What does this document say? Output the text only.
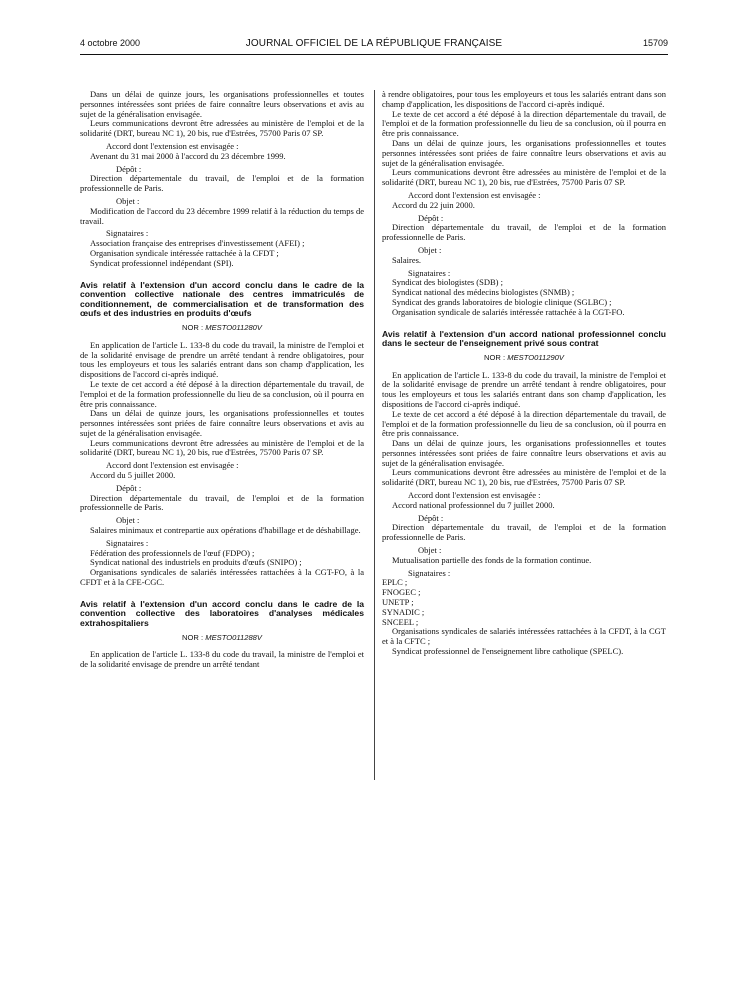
4 octobre 2000	JOURNAL OFFICIEL DE LA RÉPUBLIQUE FRANÇAISE	15709

Dans un délai de quinze jours, les organisations professionnelles et toutes personnes intéressées sont priées de faire connaître leurs observations et avis au sujet de la généralisation envisagée.

Leurs communications devront être adressées au ministère de l'emploi et de la solidarité (DRT, bureau NC 1), 20 bis, rue d'Estrées, 75700 Paris 07 SP.

Accord dont l'extension est envisagée :

Avenant du 31 mai 2000 à l'accord du 23 décembre 1999.

Dépôt :

Direction départementale du travail, de l'emploi et de la formation professionnelle de Paris.

Objet :

Modification de l'accord du 23 décembre 1999 relatif à la réduction du temps de travail.

Signataires :

Association française des entreprises d'investissement (AFEI) ;

Organisation syndicale intéressée rattachée à la CFDT ;

Syndicat professionnel indépendant (SPI).

Avis relatif à l'extension d'un accord conclu dans le cadre de la convention collective nationale des centres immatriculés de conditionnement, de commercialisation et de transformation des œufs et des industries en produits d'œufs
NOR : MESTO011280V

En application de l'article L. 133-8 du code du travail, la ministre de l'emploi et de la solidarité envisage de prendre un arrêté tendant à rendre obligatoires, pour tous les employeurs et tous les salariés entrant dans son champ d'application, les dispositions de l'accord ci-après indiqué.

Le texte de cet accord a été déposé à la direction départementale du travail, de l'emploi et de la formation professionnelle du lieu de sa conclusion, où il pourra en être pris connaissance.

Dans un délai de quinze jours, les organisations professionnelles et toutes personnes intéressées sont priées de faire connaître leurs observations et avis au sujet de la généralisation envisagée.

Leurs communications devront être adressées au ministère de l'emploi et de la solidarité (DRT, bureau NC 1), 20 bis, rue d'Estrées, 75700 Paris 07 SP.

Accord dont l'extension est envisagée :

Accord du 5 juillet 2000.

Dépôt :

Direction départementale du travail, de l'emploi et de la formation professionnelle de Paris.

Objet :

Salaires minimaux et contrepartie aux opérations d'habillage et de déshabillage.

Signataires :

Fédération des professionnels de l'œuf (FDPO) ;

Syndicat national des industriels en produits d'œufs (SNIPO) ;

Organisations syndicales de salariés intéressées rattachées à la CGT-FO, à la CFDT et à la CFE-CGC.

Avis relatif à l'extension d'un accord conclu dans le cadre de la convention collective des laboratoires d'analyses médicales extrahospitaliers
NOR : MESTO011288V

En application de l'article L. 133-8 du code du travail, la ministre de l'emploi et de la solidarité envisage de prendre un arrêté tendant

à rendre obligatoires, pour tous les employeurs et tous les salariés entrant dans son champ d'application, les dispositions de l'accord ci-après indiqué.

Le texte de cet accord a été déposé à la direction départementale du travail, de l'emploi et de la formation professionnelle du lieu de sa conclusion, où il pourra en être pris connaissance.

Dans un délai de quinze jours, les organisations professionnelles et toutes personnes intéressées sont priées de faire connaître leurs observations et avis au sujet de la généralisation envisagée.

Leurs communications devront être adressées au ministère de l'emploi et de la solidarité (DRT, bureau NC 1), 20 bis, rue d'Estrées, 75700 Paris 07 SP.

Accord dont l'extension est envisagée :

Accord du 22 juin 2000.

Dépôt :

Direction départementale du travail, de l'emploi et de la formation professionnelle de Paris.

Objet :

Salaires.

Signataires :

Syndicat des biologistes (SDB) ;

Syndicat national des médecins biologistes (SNMB) ;

Syndicat des grands laboratoires de biologie clinique (SGLBC) ;

Organisation syndicale de salariés intéressée rattachée à la CGT-FO.

Avis relatif à l'extension d'un accord national professionnel conclu dans le secteur de l'enseignement privé sous contrat
NOR : MESTO011290V

En application de l'article L. 133-8 du code du travail, la ministre de l'emploi et de la solidarité envisage de prendre un arrêté tendant à rendre obligatoires, pour tous les employeurs et tous les salariés entrant dans son champ d'application, les dispositions de l'accord ci-après indiqué.

Le texte de cet accord a été déposé à la direction départementale du travail, de l'emploi et de la formation professionnelle du lieu de sa conclusion, où il pourra en être pris connaissance.

Dans un délai de quinze jours, les organisations professionnelles et toutes personnes intéressées sont priées de faire connaître leurs observations et avis au sujet de la généralisation envisagée.

Leurs communications devront être adressées au ministère de l'emploi et de la solidarité (DRT, bureau NC 1), 20 bis, rue d'Estrées, 75700 Paris 07 SP.

Accord dont l'extension est envisagée :

Accord national professionnel du 7 juillet 2000.

Dépôt :

Direction départementale du travail, de l'emploi et de la formation professionnelle de Paris.

Objet :

Mutualisation partielle des fonds de la formation continue.

Signataires :

EPLC ;

FNOGEC ;

UNETP ;

SYNADIC ;

SNCEEL ;

Organisations syndicales de salariés intéressées rattachées à la CFDT, à la CGT et à la CFTC ;

Syndicat professionnel de l'enseignement libre catholique (SPELC).
